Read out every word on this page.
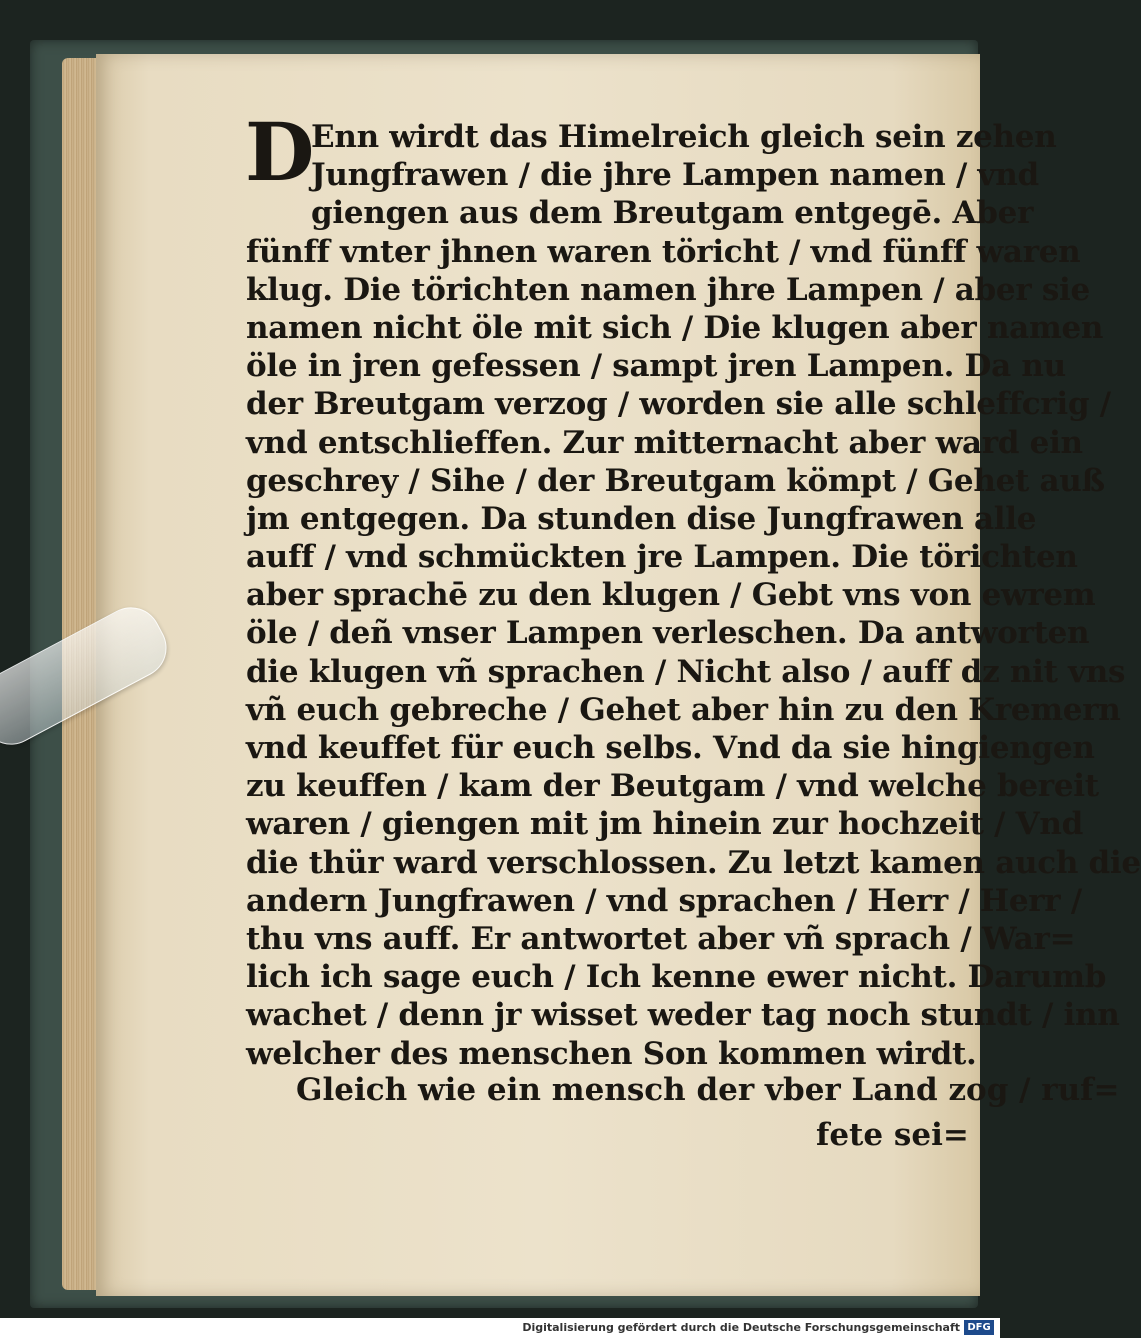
D
Enn wirdt das Himelreich gleich sein zehen
Jungfrawen / die jhre Lampen namen / vnd
giengen aus dem Breutgam entgegē. Aber
fünff vnter jhnen waren töricht / vnd fünff waren
klug. Die törichten namen jhre Lampen / aber sie
namen nicht öle mit sich / Die klugen aber namen
öle in jren gefessen / sampt jren Lampen. Da nu
der Breutgam verzog / worden sie alle schleffcrig /
vnd entschlieffen. Zur mitternacht aber ward ein
geschrey / Sihe / der Breutgam kömpt / Gehet auß
jm entgegen. Da stunden dise Jungfrawen alle
auff / vnd schmückten jre Lampen. Die törichten
aber sprachē zu den klugen / Gebt vns von ewrem
öle / deñ vnser Lampen verleschen. Da antworten
die klugen vñ sprachen / Nicht also / auff dz nit vns
vñ euch gebreche / Gehet aber hin zu den Kremern
vnd keuffet für euch selbs. Vnd da sie hingiengen
zu keuffen / kam der Beutgam / vnd welche bereit
waren / giengen mit jm hinein zur hochzeit / Vnd
die thür ward verschlossen. Zu letzt kamen auch die
andern Jungfrawen / vnd sprachen / Herr / Herr /
thu vns auff. Er antwortet aber vñ sprach / War=
lich ich sage euch / Ich kenne ewer nicht. Darumb
wachet / denn jr wisset weder tag noch stundt / inn
welcher des menschen Son kommen wirdt.
Gleich wie ein mensch der vber Land zog / ruf=
fete sei=
Digitalisierung gefördert durch die Deutsche Forschungsgemeinschaft DFG
